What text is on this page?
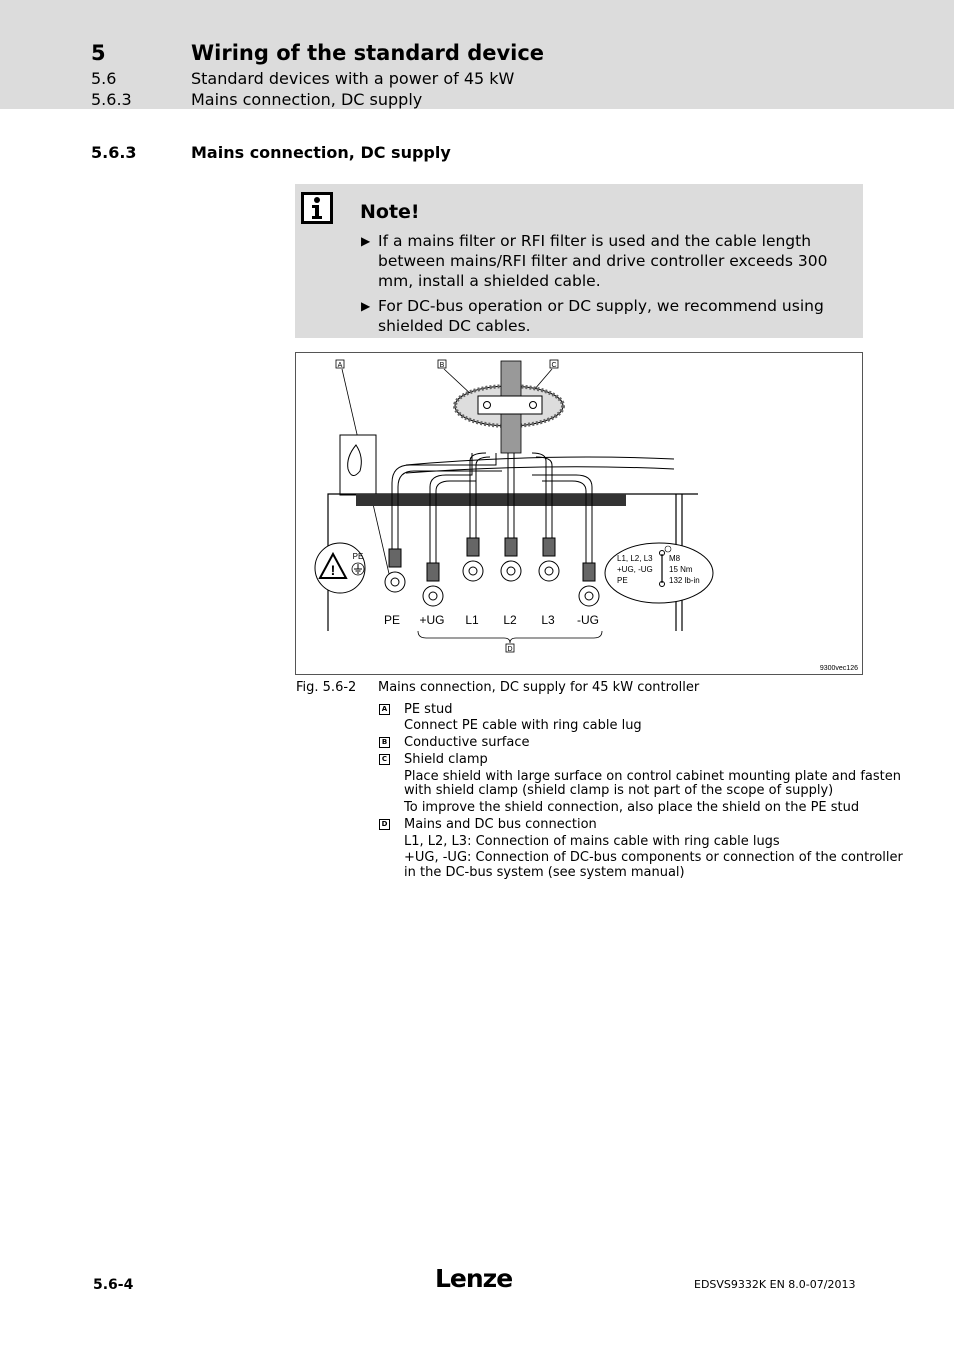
5	Wiring of the standard device
5.6	Standard devices with a power of 45 kW
5.6.3	Mains connection, DC supply
5.6.3	Mains connection, DC supply
Note!
▶ If a mains filter or RFI filter is used and the cable length between mains/RFI filter and drive controller exceeds 300 mm, install a shielded cable.
▶ For DC-bus operation or DC supply, we recommend using shielded DC cables.
A	B	C
!
PE
PE +UG L1 L2 L3 -UG
D
L1, L2, L3
+UG, -UG
PE
M8
15 Nm
132 lb-in
9300vec126
Fig. 5.6-2 Mains connection, DC supply for 45 kW controller
A PE stud
Connect PE cable with ring cable lug
B Conductive surface
C Shield clamp
Place shield with large surface on control cabinet mounting plate and fasten
with shield clamp (shield clamp is not part of the scope of supply)
To improve the shield connection, also place the shield on the PE stud
D Mains and DC bus connection
L1, L2, L3: Connection of mains cable with ring cable lugs
+UG, -UG: Connection of DC-bus components or connection of the controller
in the DC-bus system (see system manual)
5.6-4	Lenze	EDSVS9332K EN 8.0-07/2013
